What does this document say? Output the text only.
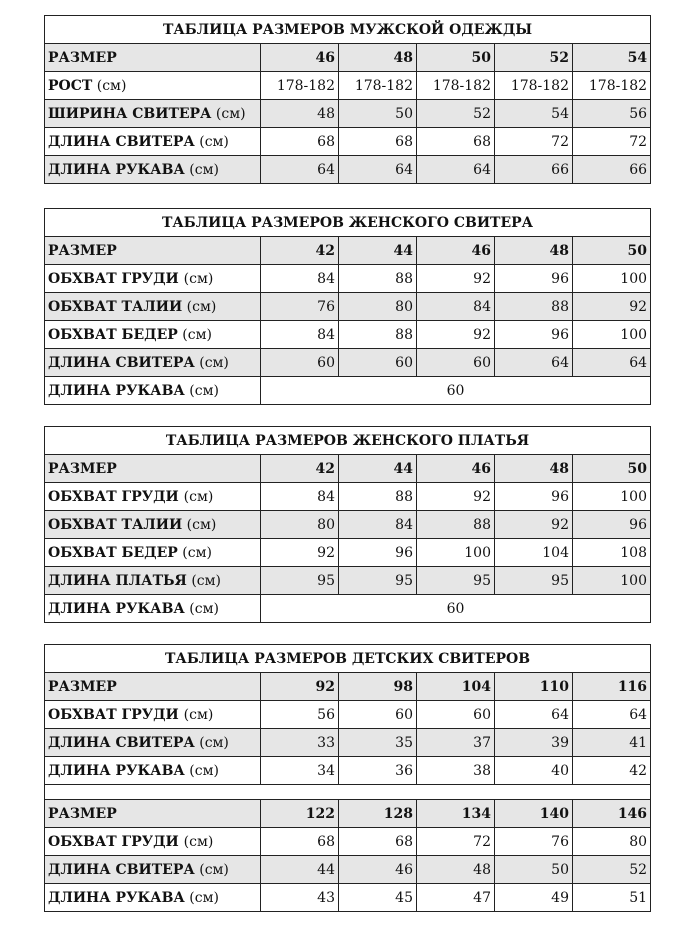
ТАБЛИЦА РАЗМЕРОВ МУЖСКОЙ ОДЕЖДЫ					
РАЗМЕР	46	48	50	52	54
РОСТ (см)	178-182	178-182	178-182	178-182	178-182
ШИРИНА СВИТЕРА (см)	48	50	52	54	56
ДЛИНА СВИТЕРА (см)	68	68	68	72	72
ДЛИНА РУКАВА (см)	64	64	64	66	66
ТАБЛИЦА РАЗМЕРОВ ЖЕНСКОГО СВИТЕРА					
РАЗМЕР	42	44	46	48	50
ОБХВАТ ГРУДИ (см)	84	88	92	96	100
ОБХВАТ ТАЛИИ (см)	76	80	84	88	92
ОБХВАТ БЕДЕР (см)	84	88	92	96	100
ДЛИНА СВИТЕРА (см)	60	60	60	64	64
ДЛИНА РУКАВА (см)	60				
ТАБЛИЦА РАЗМЕРОВ ЖЕНСКОГО ПЛАТЬЯ					
РАЗМЕР	42	44	46	48	50
ОБХВАТ ГРУДИ (см)	84	88	92	96	100
ОБХВАТ ТАЛИИ (см)	80	84	88	92	96
ОБХВАТ БЕДЕР (см)	92	96	100	104	108
ДЛИНА ПЛАТЬЯ (см)	95	95	95	95	100
ДЛИНА РУКАВА (см)	60				
ТАБЛИЦА РАЗМЕРОВ ДЕТСКИХ СВИТЕРОВ					
РАЗМЕР	92	98	104	110	116
ОБХВАТ ГРУДИ (см)	56	60	60	64	64
ДЛИНА СВИТЕРА (см)	33	35	37	39	41
ДЛИНА РУКАВА (см)	34	36	38	40	42

РАЗМЕР	122	128	134	140	146
ОБХВАТ ГРУДИ (см)	68	68	72	76	80
ДЛИНА СВИТЕРА (см)	44	46	48	50	52
ДЛИНА РУКАВА (см)	43	45	47	49	51
